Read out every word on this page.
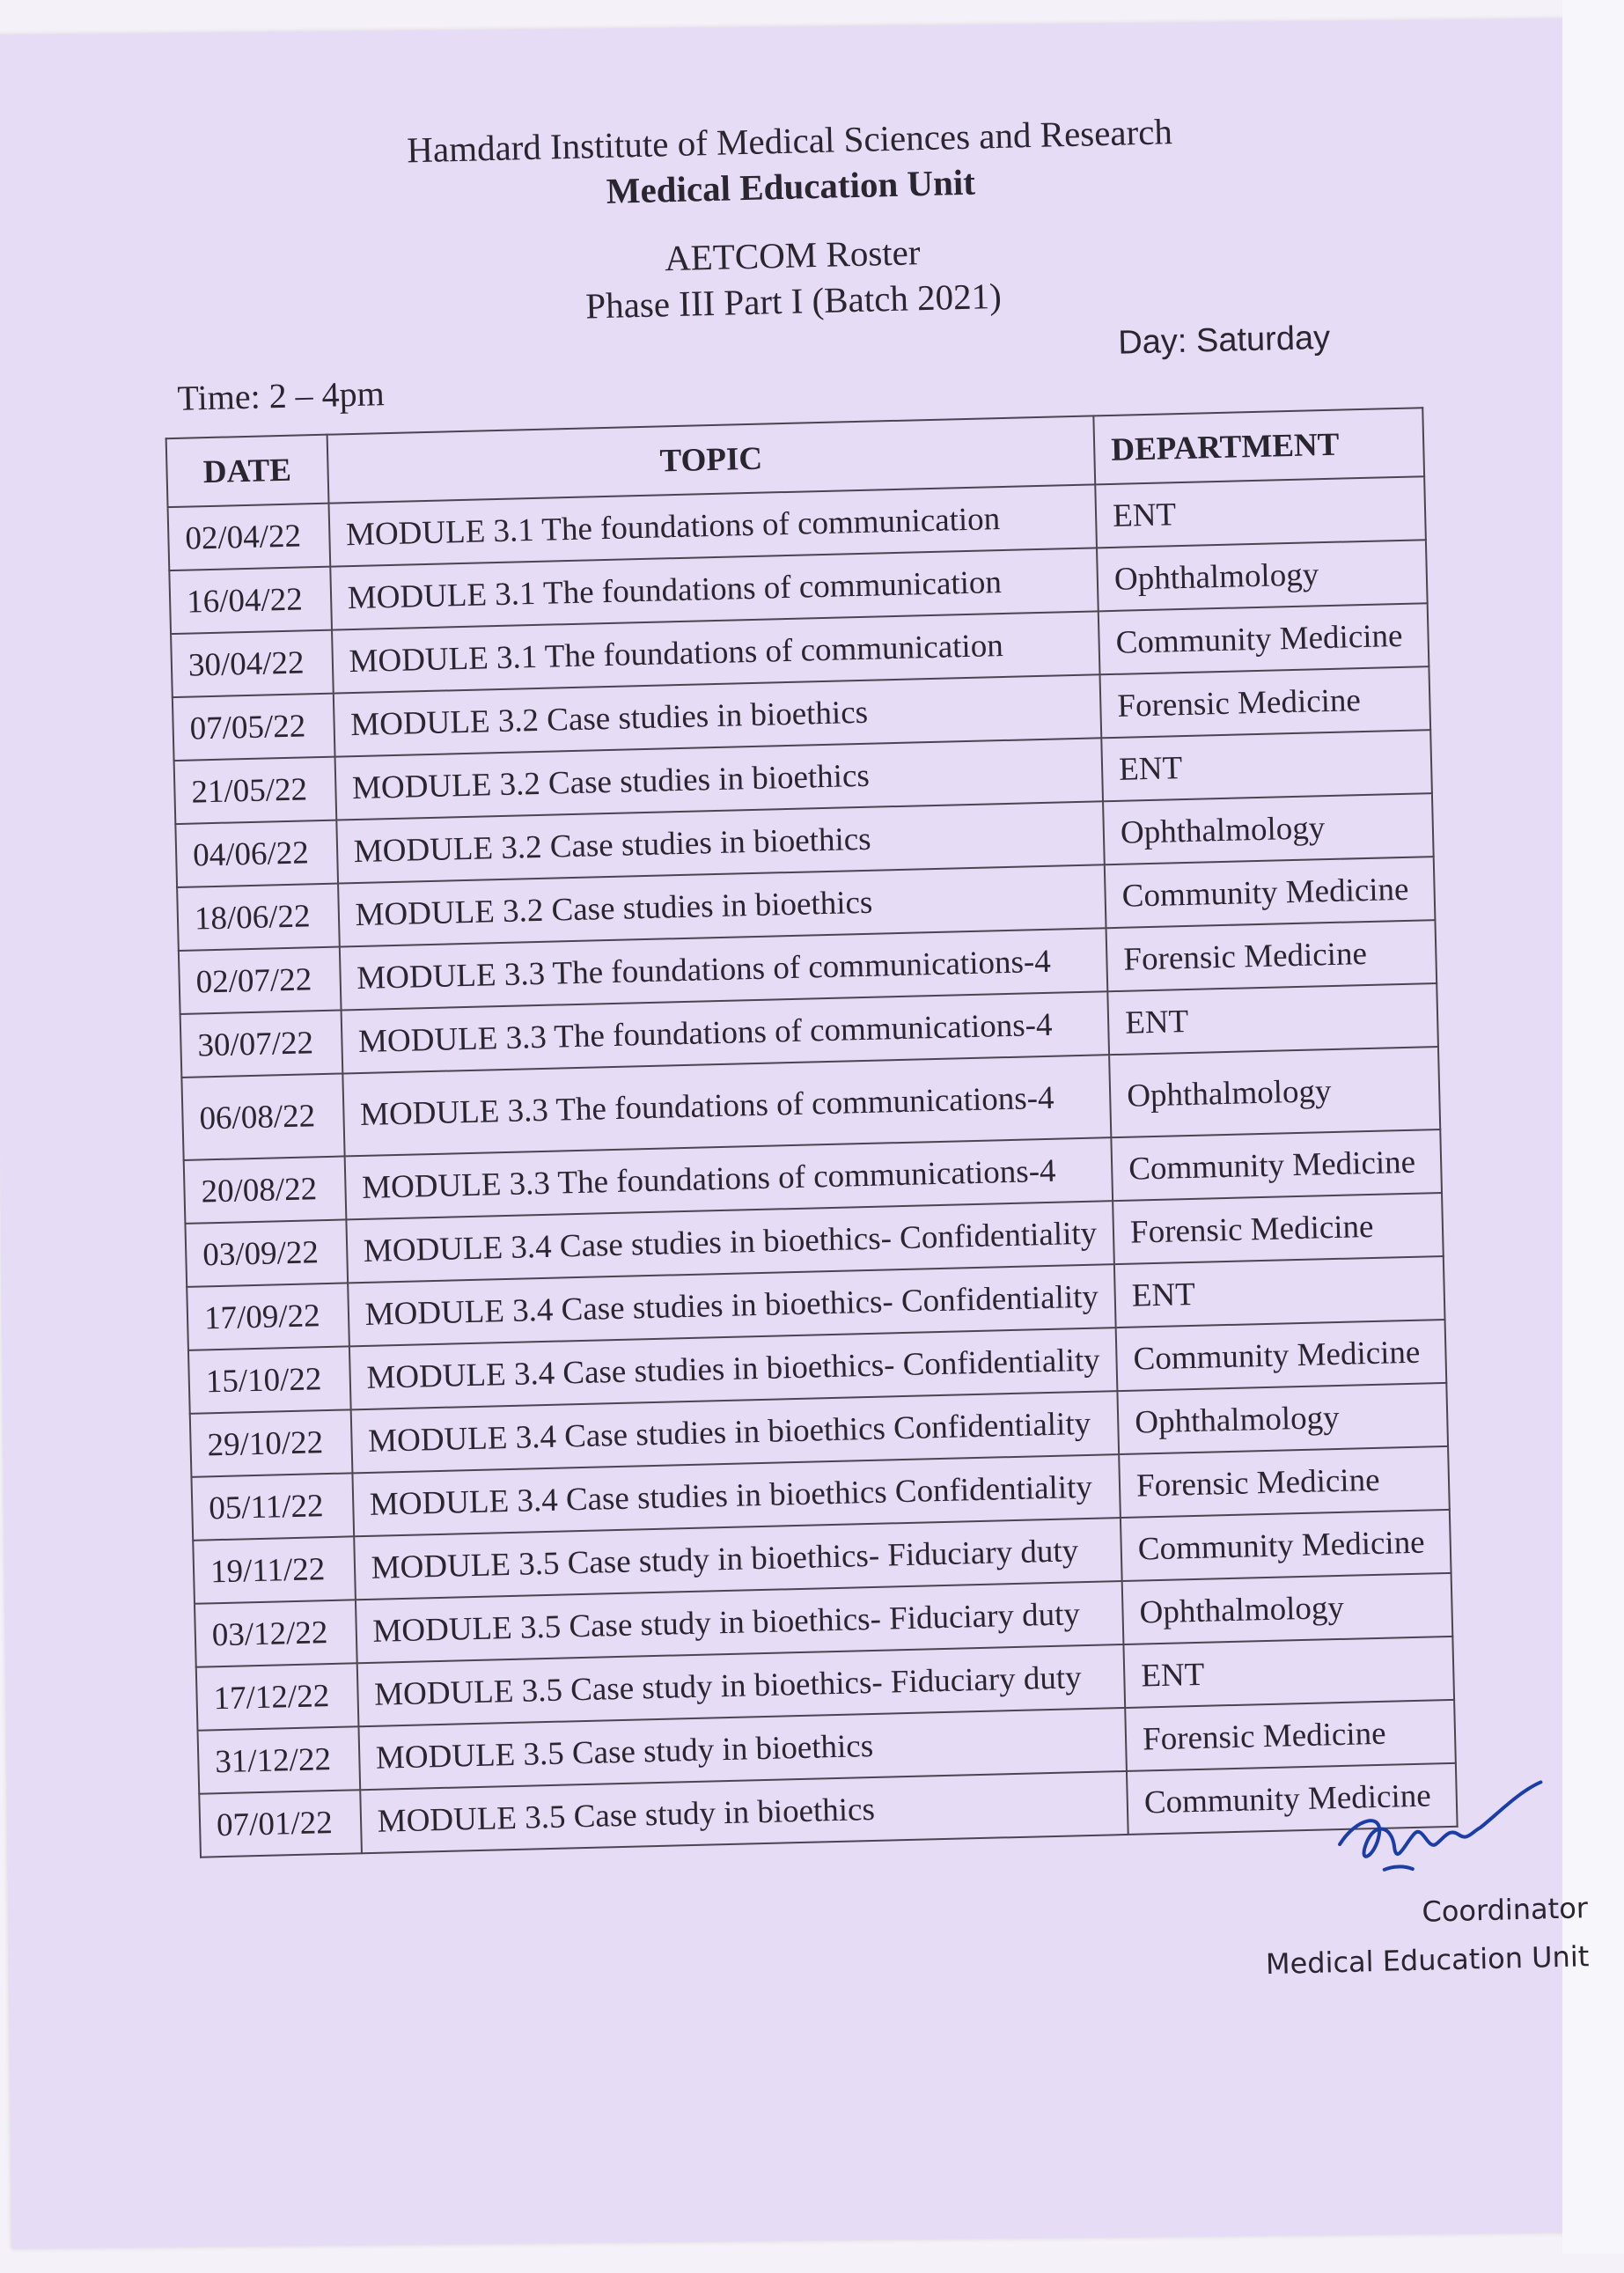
Hamdard Institute of Medical Sciences and Research
Medical Education Unit
AETCOM Roster
Phase III Part I (Batch 2021)
Day: Saturday
Time: 2 – 4pm
DATE	TOPIC	DEPARTMENT
02/04/22	MODULE 3.1 The foundations of communication	ENT
16/04/22	MODULE 3.1 The foundations of communication	Ophthalmology
30/04/22	MODULE 3.1 The foundations of communication	Community Medicine
07/05/22	MODULE 3.2 Case studies in bioethics	Forensic Medicine
21/05/22	MODULE 3.2 Case studies in bioethics	ENT
04/06/22	MODULE 3.2 Case studies in bioethics	Ophthalmology
18/06/22	MODULE 3.2 Case studies in bioethics	Community Medicine
02/07/22	MODULE 3.3 The foundations of communications-4	Forensic Medicine
30/07/22	MODULE 3.3 The foundations of communications-4	ENT
06/08/22	MODULE 3.3 The foundations of communications-4	Ophthalmology
20/08/22	MODULE 3.3 The foundations of communications-4	Community Medicine
03/09/22	MODULE 3.4 Case studies in bioethics- Confidentiality	Forensic Medicine
17/09/22	MODULE 3.4 Case studies in bioethics- Confidentiality	ENT
15/10/22	MODULE 3.4 Case studies in bioethics- Confidentiality	Community Medicine
29/10/22	MODULE 3.4 Case studies in bioethics Confidentiality	Ophthalmology
05/11/22	MODULE 3.4 Case studies in bioethics Confidentiality	Forensic Medicine
19/11/22	MODULE 3.5 Case study in bioethics- Fiduciary duty	Community Medicine
03/12/22	MODULE 3.5 Case study in bioethics- Fiduciary duty	Ophthalmology
17/12/22	MODULE 3.5 Case study in bioethics- Fiduciary duty	ENT
31/12/22	MODULE 3.5 Case study in bioethics	Forensic Medicine
07/01/22	MODULE 3.5 Case study in bioethics	Community Medicine
Coordinator
Medical Education Unit
